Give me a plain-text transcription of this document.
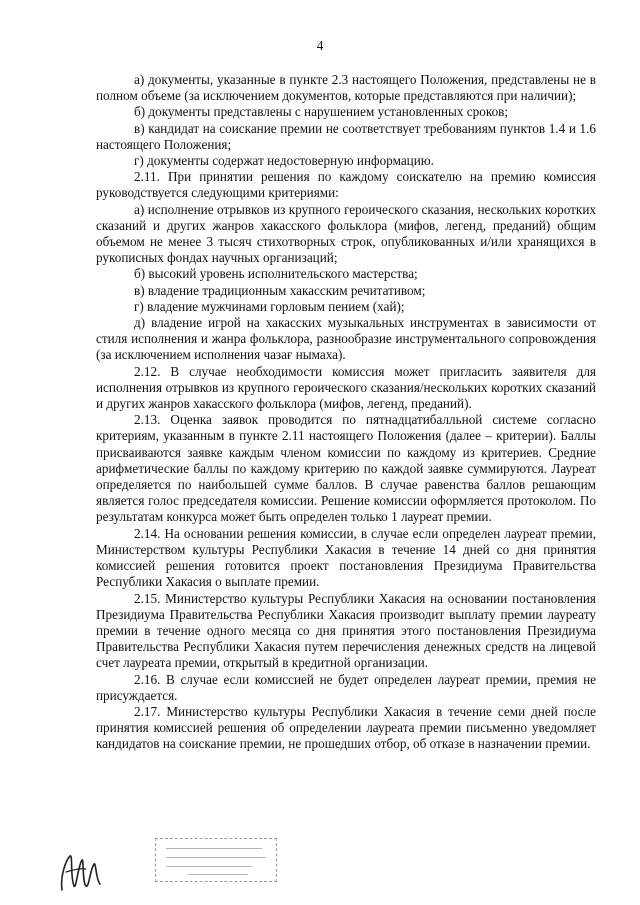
4

а) документы, указанные в пункте 2.3 настоящего Положения, представлены не в полном объеме (за исключением документов, которые представляются при наличии);

б) документы представлены с нарушением установленных сроков;

в) кандидат на соискание премии не соответствует требованиям пунктов 1.4 и 1.6 настоящего Положения;

г) документы содержат недостоверную информацию.

2.11. При принятии решения по каждому соискателю на премию комиссия руководствуется следующими критериями:

а) исполнение отрывков из крупного героического сказания, нескольких коротких сказаний и других жанров хакасского фольклора (мифов, легенд, преданий) общим объемом не менее 3 тысяч стихотворных строк, опубликованных и/или хранящихся в рукописных фондах научных организаций;

б) высокий уровень исполнительского мастерства;

в) владение традиционным хакасским речитативом;

г) владение мужчинами горловым пением (хай);

д) владение игрой на хакасских музыкальных инструментах в зависимости от стиля исполнения и жанра фольклора, разнообразие инструментального сопровождения (за исключением исполнения чазағ нымаха).

2.12. В случае необходимости комиссия может пригласить заявителя для исполнения отрывков из крупного героического сказания/нескольких коротких сказаний и других жанров хакасского фольклора (мифов, легенд, преданий).

2.13. Оценка заявок проводится по пятнадцатибалльной системе согласно критериям, указанным в пункте 2.11 настоящего Положения (далее – критерии). Баллы присваиваются заявке каждым членом комиссии по каждому из критериев. Средние арифметические баллы по каждому критерию по каждой заявке суммируются. Лауреат определяется по наибольшей сумме баллов. В случае равенства баллов решающим является голос председателя комиссии. Решение комиссии оформляется протоколом. По результатам конкурса может быть определен только 1 лауреат премии.

2.14. На основании решения комиссии, в случае если определен лауреат премии, Министерством культуры Республики Хакасия в течение 14 дней со дня принятия комиссией решения готовится проект постановления Президиума Правительства Республики Хакасия о выплате премии.

2.15. Министерство культуры Республики Хакасия на основании постановления Президиума Правительства Республики Хакасия производит выплату премии лауреату премии в течение одного месяца со дня принятия этого постановления Президиума Правительства Республики Хакасия путем перечисления денежных средств на лицевой счет лауреата премии, открытый в кредитной организации.

2.16. В случае если комиссией не будет определен лауреат премии, премия не присуждается.

2.17. Министерство культуры Республики Хакасия в течение семи дней после принятия комиссией решения об определении лауреата премии письменно уведомляет кандидатов на соискание премии, не прошедших отбор, об отказе в назначении премии.
